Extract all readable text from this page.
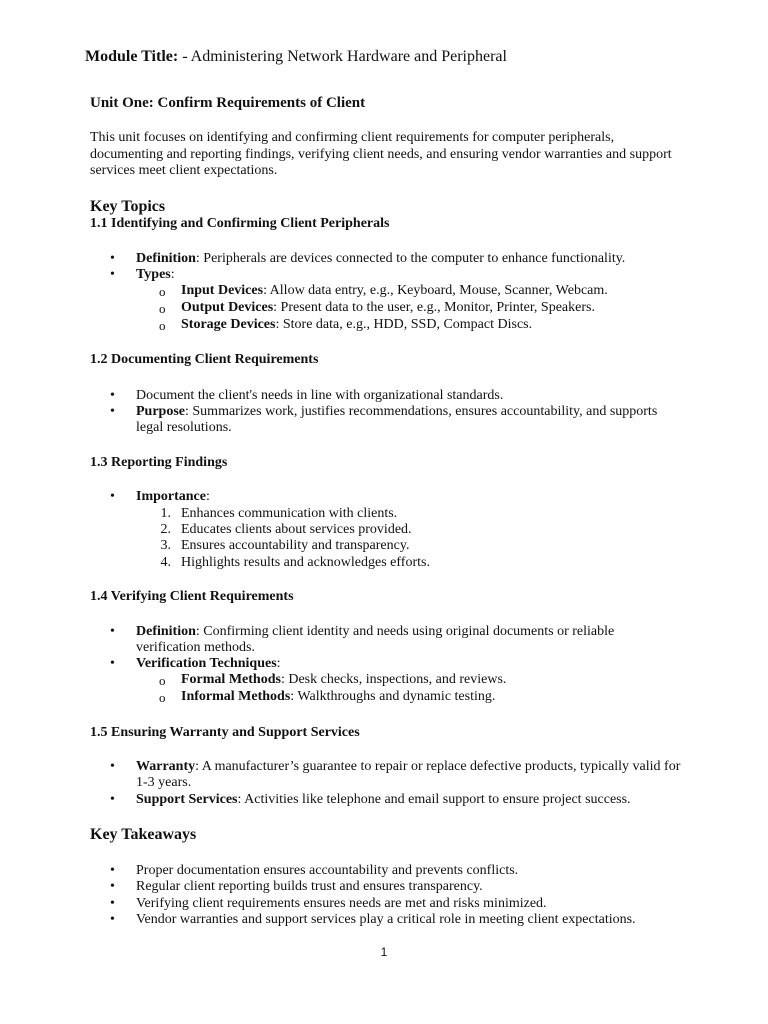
Module Title: - Administering Network Hardware and Peripheral
Unit One: Confirm Requirements of Client
This unit focuses on identifying and confirming client requirements for computer peripherals, documenting and reporting findings, verifying client needs, and ensuring vendor warranties and support services meet client expectations.
Key Topics
1.1 Identifying and Confirming Client Peripherals
• Definition: Peripherals are devices connected to the computer to enhance functionality.
• Types:
o Input Devices: Allow data entry, e.g., Keyboard, Mouse, Scanner, Webcam.
o Output Devices: Present data to the user, e.g., Monitor, Printer, Speakers.
o Storage Devices: Store data, e.g., HDD, SSD, Compact Discs.
1.2 Documenting Client Requirements
• Document the client's needs in line with organizational standards.
• Purpose: Summarizes work, justifies recommendations, ensures accountability, and supports legal resolutions.
1.3 Reporting Findings
• Importance:
1. Enhances communication with clients.
2. Educates clients about services provided.
3. Ensures accountability and transparency.
4. Highlights results and acknowledges efforts.
1.4 Verifying Client Requirements
• Definition: Confirming client identity and needs using original documents or reliable verification methods.
• Verification Techniques:
o Formal Methods: Desk checks, inspections, and reviews.
o Informal Methods: Walkthroughs and dynamic testing.
1.5 Ensuring Warranty and Support Services
• Warranty: A manufacturer’s guarantee to repair or replace defective products, typically valid for 1-3 years.
• Support Services: Activities like telephone and email support to ensure project success.
Key Takeaways
• Proper documentation ensures accountability and prevents conflicts.
• Regular client reporting builds trust and ensures transparency.
• Verifying client requirements ensures needs are met and risks minimized.
• Vendor warranties and support services play a critical role in meeting client expectations.
1
